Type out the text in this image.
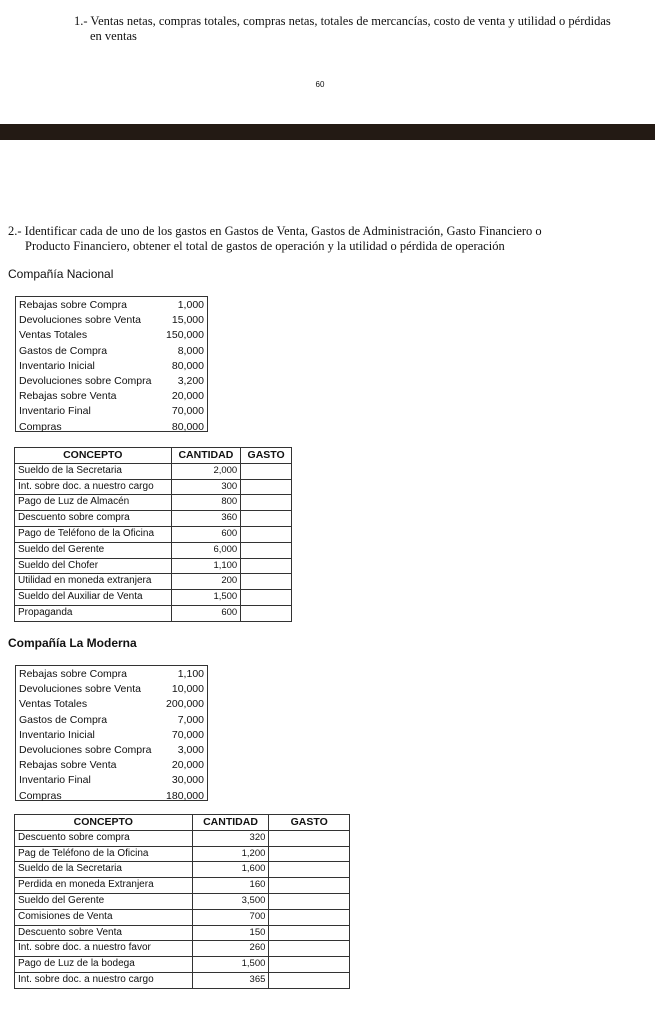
1.- Ventas netas, compras totales, compras netas, totales de mercancías, costo de venta y utilidad o pérdidas
en ventas
60
2.- Identificar cada de uno de los gastos en Gastos de Venta, Gastos de Administración, Gasto Financiero o
Producto Financiero, obtener el total de gastos de operación y la utilidad o pérdida de operación
Compañía Nacional
Rebajas sobre Compra	1,000
Devoluciones sobre Venta	15,000
Ventas Totales	150,000
Gastos de Compra	8,000
Inventario Inicial	80,000
Devoluciones sobre Compra 3,200
Rebajas sobre Venta	20,000
Inventario Final	70,000
Compras	80,000
CONCEPTO	CANTIDAD	GASTO
Sueldo de la Secretaria	2,000	
Int. sobre doc. a nuestro cargo	300	
Pago de Luz de Almacén	800	
Descuento sobre compra	360	
Pago de Teléfono de la Oficina	600	
Sueldo del Gerente	6,000	
Sueldo del Chofer	1,100	
Utilidad en moneda extranjera	200	
Sueldo del Auxiliar de Venta	1,500	
Propaganda	600	
Compañía La Moderna
Rebajas sobre Compra	1,100
Devoluciones sobre Venta	10,000
Ventas Totales	200,000
Gastos de Compra	7,000
Inventario Inicial	70,000
Devoluciones sobre Compra 3,000
Rebajas sobre Venta	20,000
Inventario Final	30,000
Compras	180,000
CONCEPTO	CANTIDAD	GASTO
Descuento sobre compra	320	
Pag de Teléfono de la Oficina	1,200	
Sueldo de la Secretaria	1,600	
Perdida en moneda Extranjera	160	
Sueldo del Gerente	3,500	
Comisiones de Venta	700	
Descuento sobre Venta	150	
Int. sobre doc. a nuestro favor	260	
Pago de Luz de la bodega	1,500	
Int. sobre doc. a nuestro cargo	365	
